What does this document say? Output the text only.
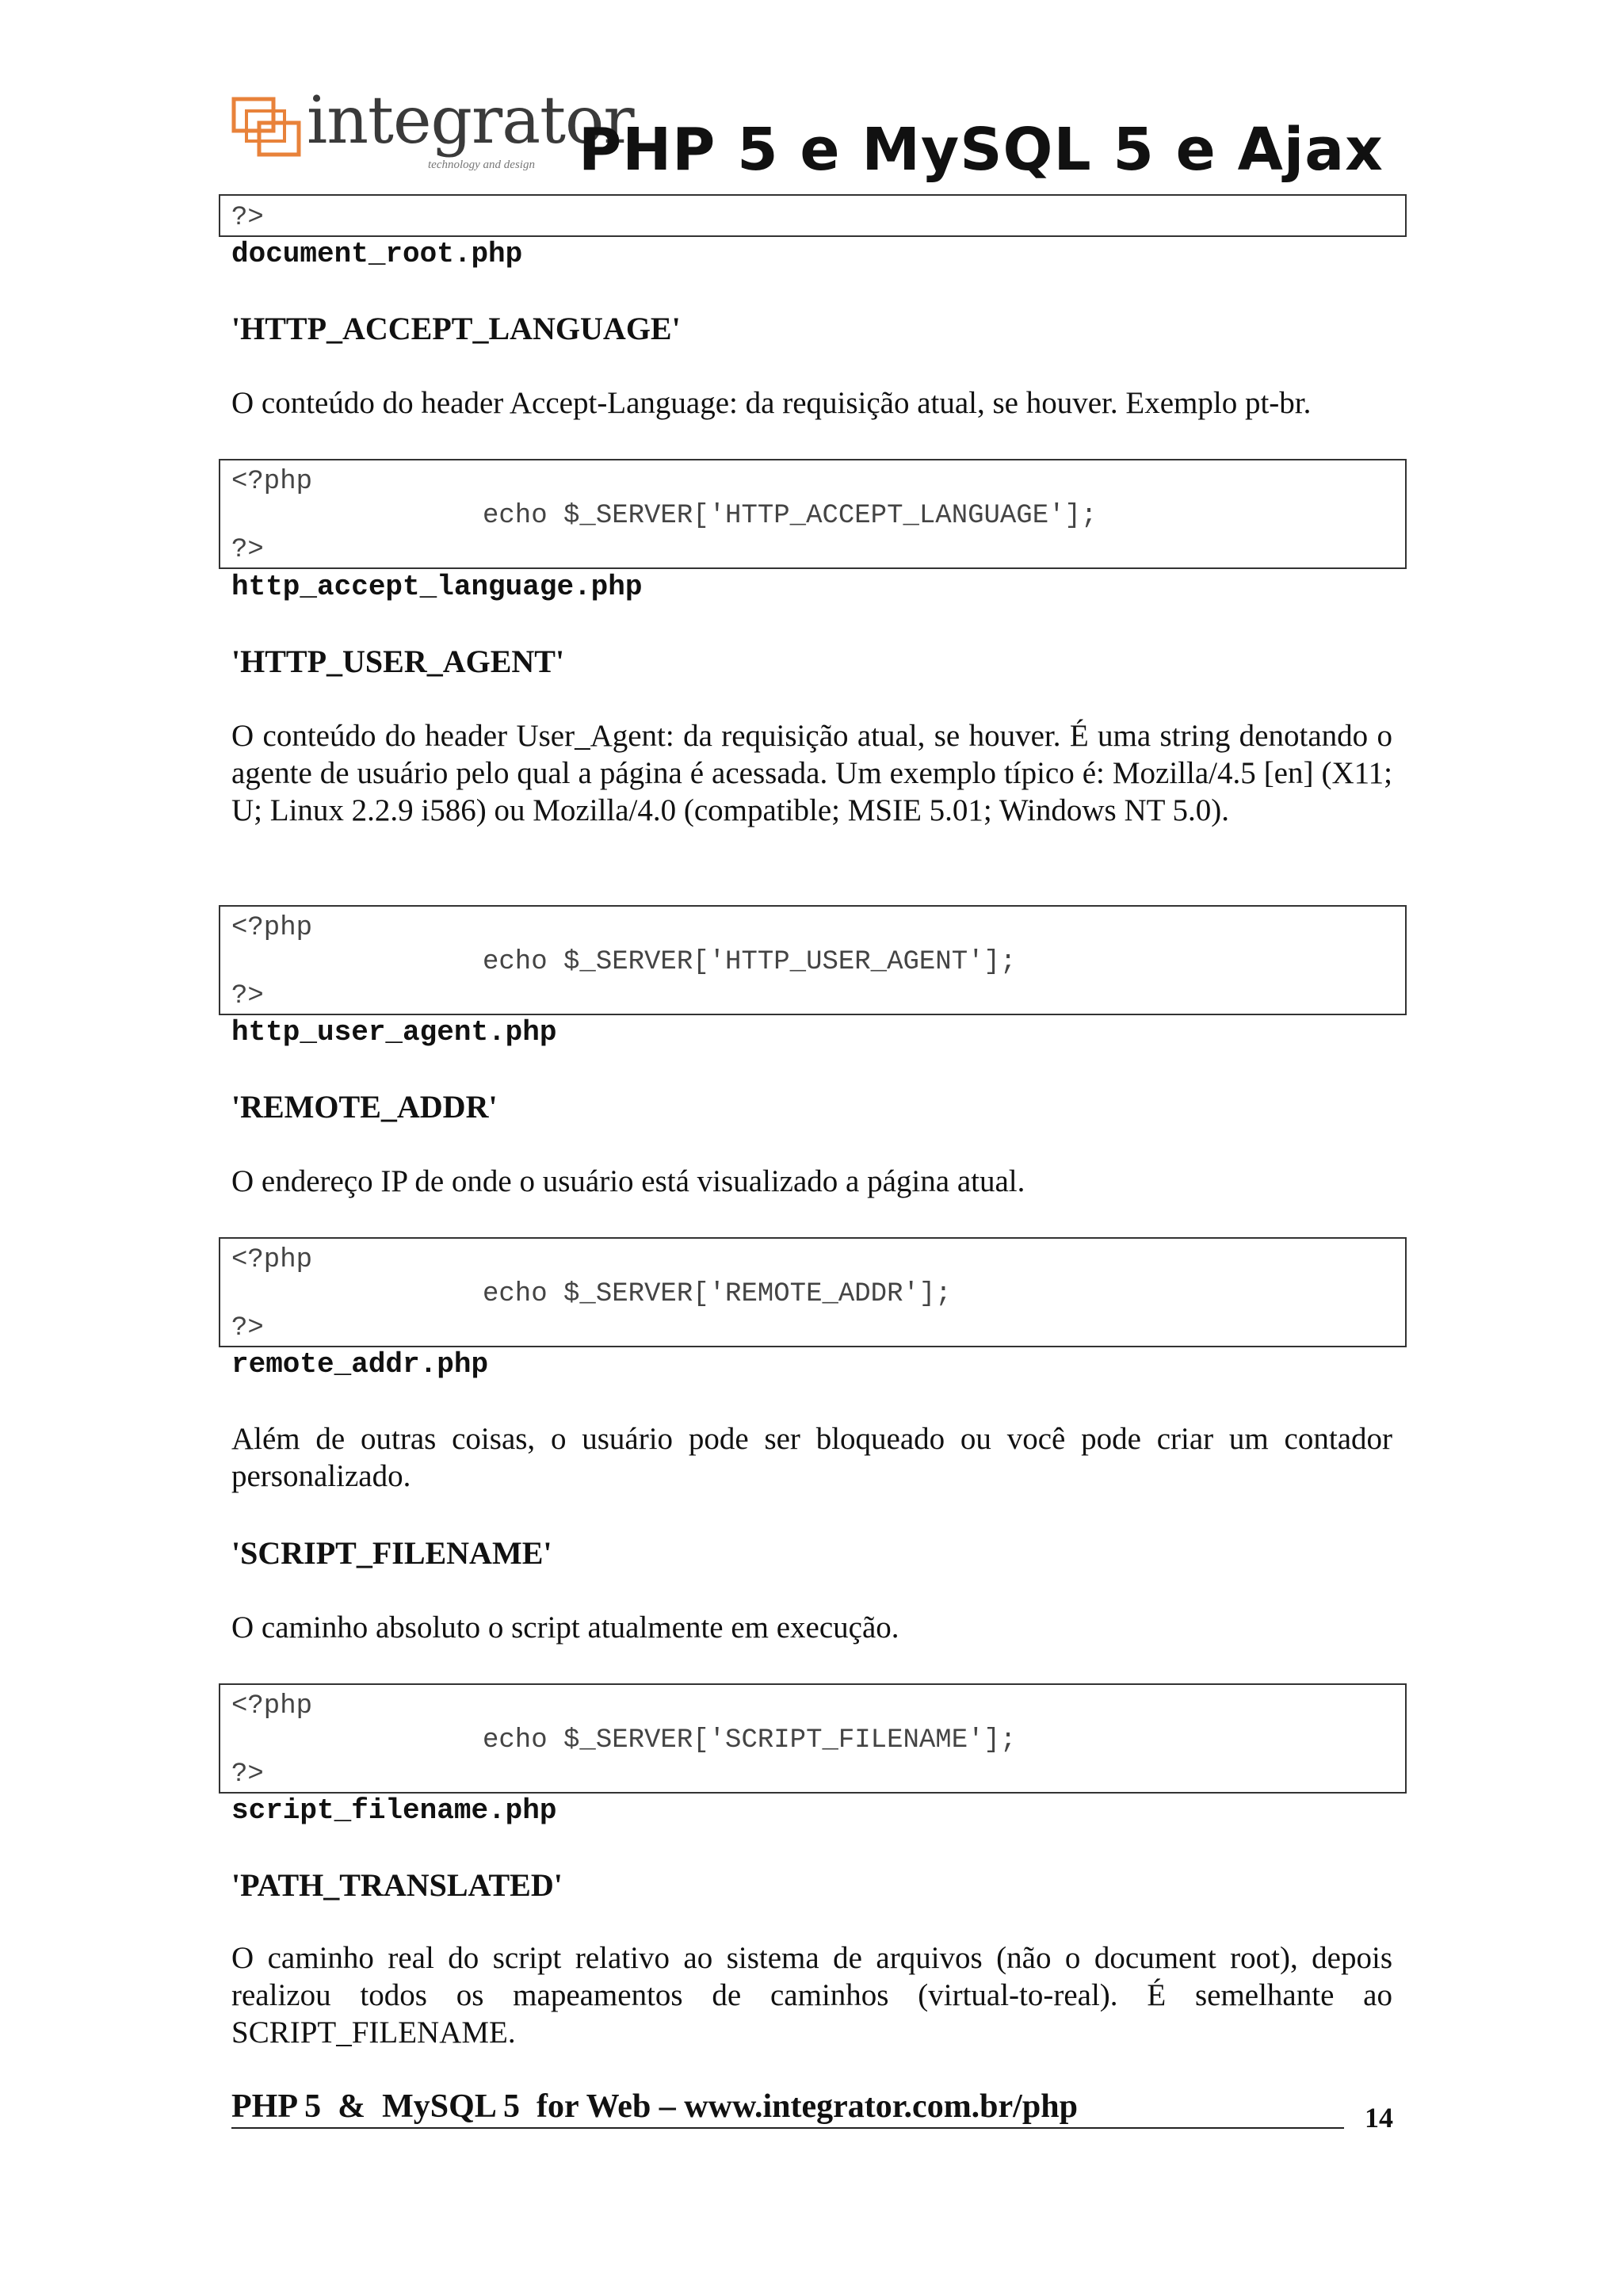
integrator
technology and design PHP 5 e MySQL 5 e Ajax
?>
document_root.php
'HTTP_ACCEPT_LANGUAGE'
O conteúdo do header Accept-Language: da requisição atual, se houver. Exemplo pt-br.
<?php
echo $_SERVER['HTTP_ACCEPT_LANGUAGE'];
?>
http_accept_language.php
'HTTP_USER_AGENT'
O conteúdo do header User_Agent: da requisição atual, se houver. É uma string denotando o agente de usuário pelo qual a página é acessada. Um exemplo típico é: Mozilla/4.5 [en] (X11; U; Linux 2.2.9 i586) ou Mozilla/4.0 (compatible; MSIE 5.01; Windows NT 5.0).
<?php
echo $_SERVER['HTTP_USER_AGENT'];
?>
http_user_agent.php
'REMOTE_ADDR'
O endereço IP de onde o usuário está visualizado a página atual.
<?php
echo $_SERVER['REMOTE_ADDR'];
?>
remote_addr.php
Além de outras coisas, o usuário pode ser bloqueado ou você pode criar um contador personalizado.
'SCRIPT_FILENAME'
O caminho absoluto o script atualmente em execução.
<?php
echo $_SERVER['SCRIPT_FILENAME'];
?>
script_filename.php
'PATH_TRANSLATED'
O caminho real do script relativo ao sistema de arquivos (não o document root), depois realizou todos os mapeamentos de caminhos (virtual-to-real). É semelhante ao SCRIPT_FILENAME.
PHP 5  &  MySQL 5  for Web – www.integrator.com.br/php	14
